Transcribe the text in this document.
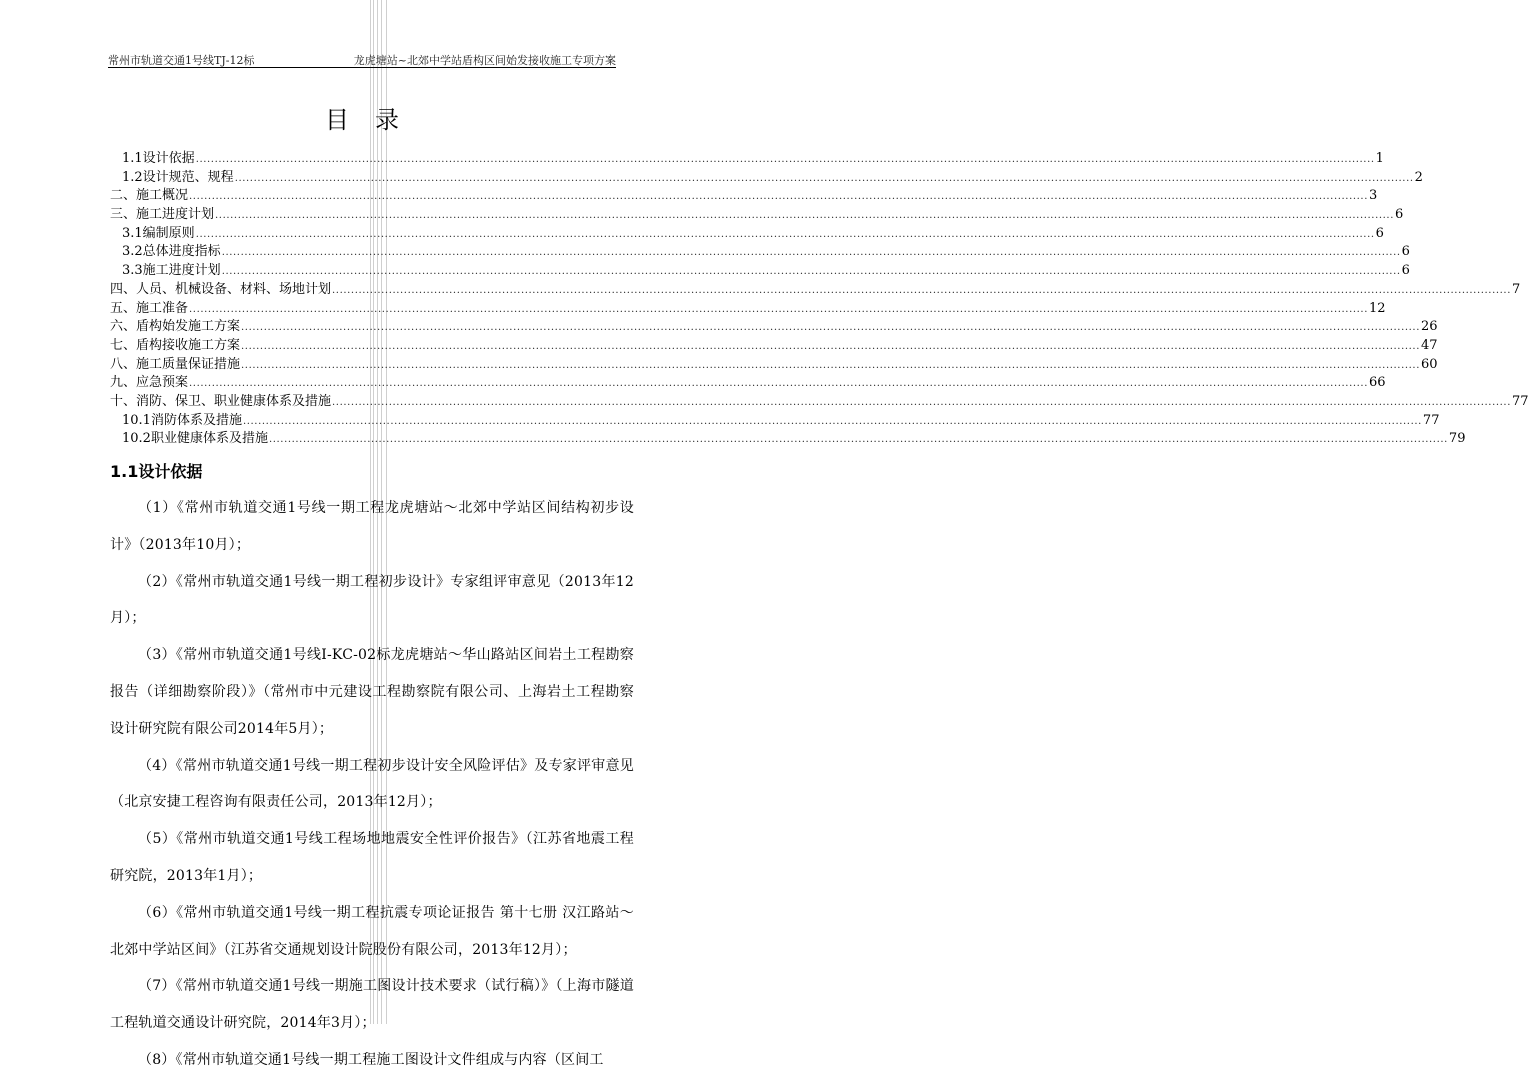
常州市轨道交通1号线TJ-12标	龙虎塘站~北郊中学站盾构区间始发接收施工专项方案
目录
1.1设计依据 .....	1
1.2设计规范、规程 .....	2
二、施工概况 .....	3
三、施工进度计划 .....	6
3.1编制原则 .....	6
3.2总体进度指标 .....	6
3.3施工进度计划 .....	6
四、人员、机械设备、材料、场地计划 .....	7
五、施工准备 .....	12
六、盾构始发施工方案 .....	26
七、盾构接收施工方案 .....	47
八、施工质量保证措施 .....	60
九、应急预案 .....	66
十、消防、保卫、职业健康体系及措施 .....	77
10.1消防体系及措施 .....	77
10.2职业健康体系及措施 .....	79
1.1设计依据

（1）《常州市轨道交通1号线一期工程龙虎塘站～北郊中学站区间结构初步设计》（2013年10月）；

（2）《常州市轨道交通1号线一期工程初步设计》专家组评审意见（2013年12月）；

（3）《常州市轨道交通1号线I-KC-02标龙虎塘站～华山路站区间岩土工程勘察报告（详细勘察阶段）》（常州市中元建设工程勘察院有限公司、上海岩土工程勘察设计研究院有限公司2014年5月）；

（4）《常州市轨道交通1号线一期工程初步设计安全风险评估》及专家评审意见（北京安捷工程咨询有限责任公司，2013年12月）；

（5）《常州市轨道交通1号线工程场地地震安全性评价报告》（江苏省地震工程研究院，2013年1月）；

（6）《常州市轨道交通1号线一期工程抗震专项论证报告 第十七册 汉江路站～北郊中学站区间》（江苏省交通规划设计院股份有限公司，2013年12月）；

（7）《常州市轨道交通1号线一期施工图设计技术要求（试行稿）》（上海市隧道工程轨道交通设计研究院，2014年3月）；

（8）《常州市轨道交通1号线一期工程施工图设计文件组成与内容（区间工
